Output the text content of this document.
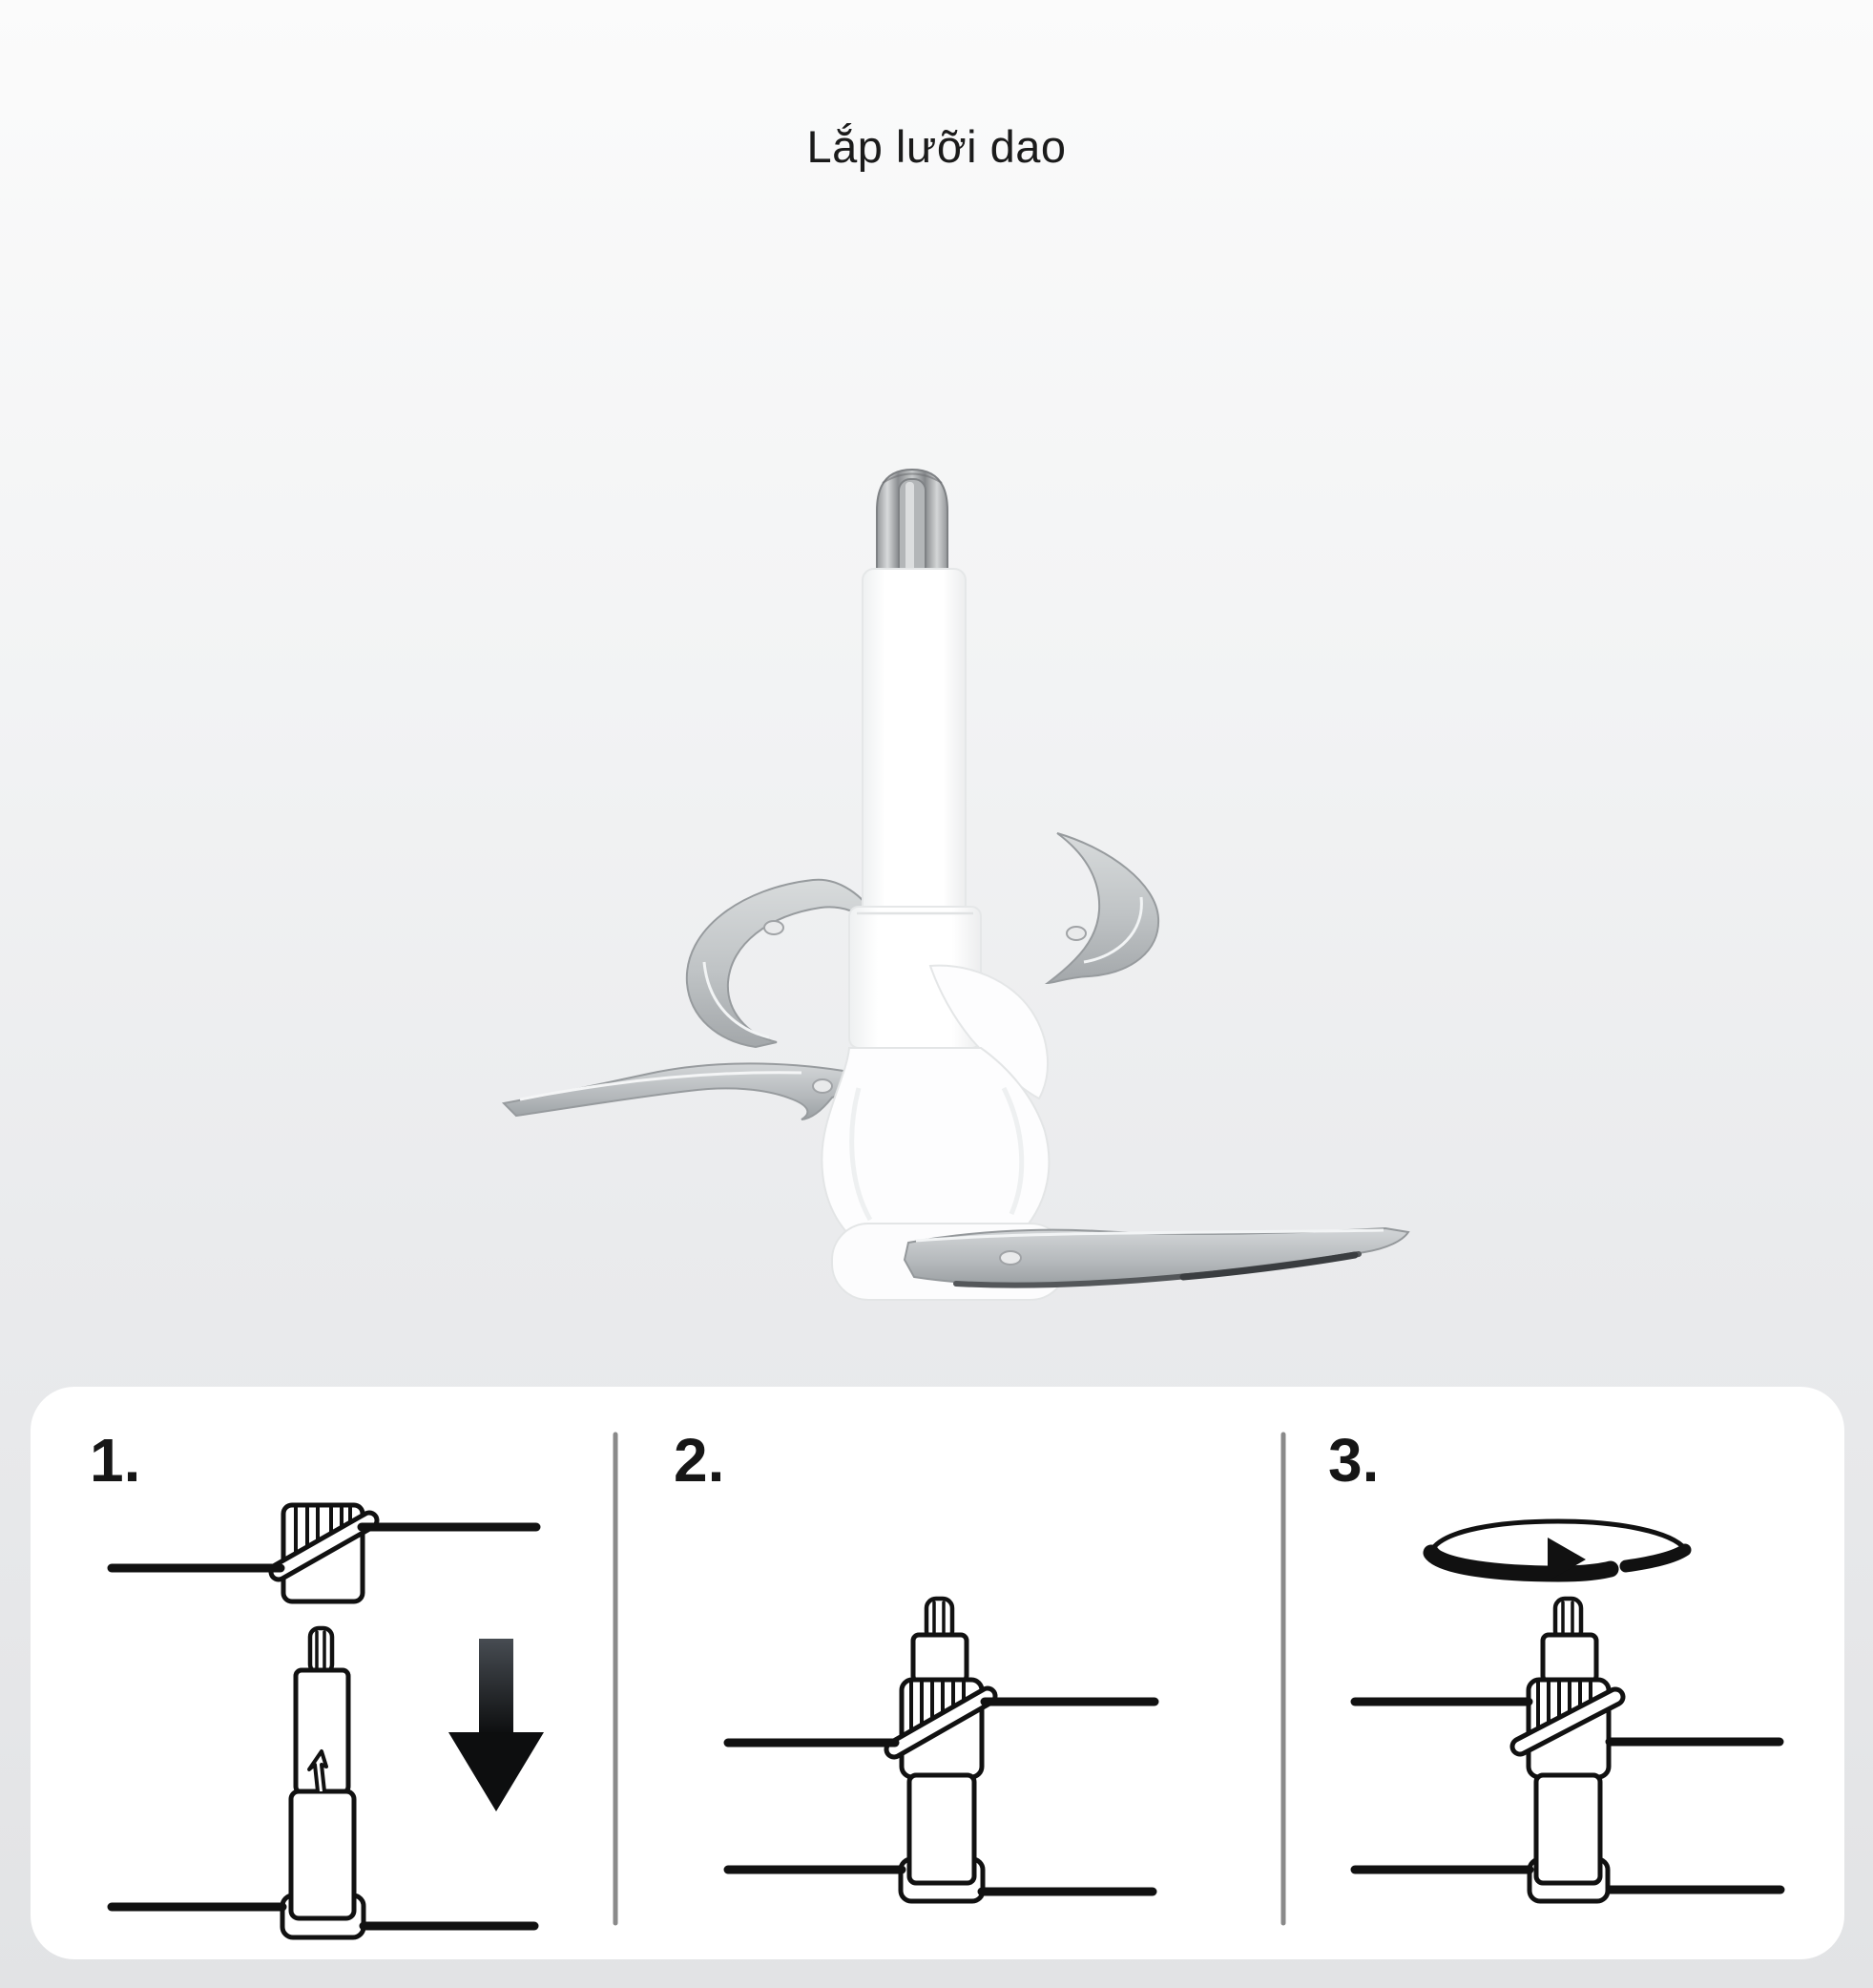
Lắp lưỡi dao
1.	2.	3.
